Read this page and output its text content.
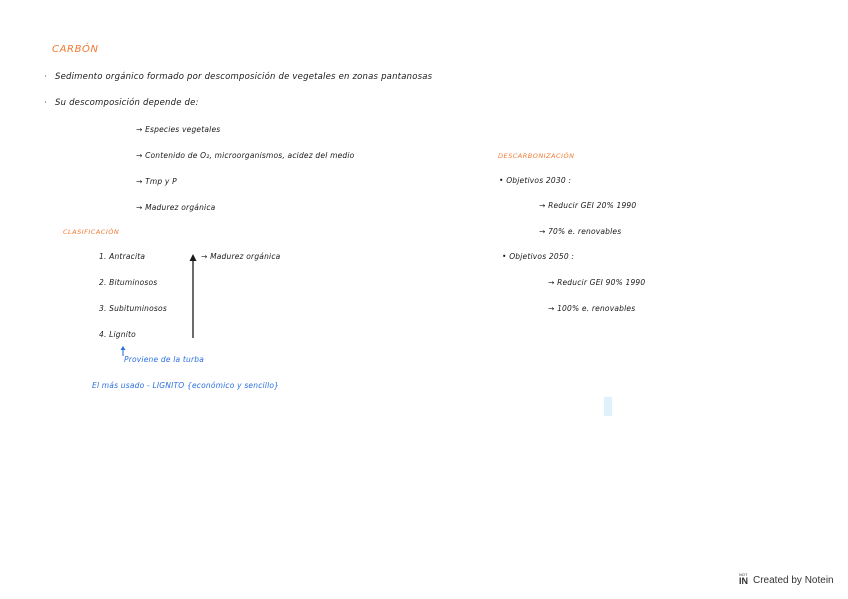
CARBÓN
·   Sedimento orgánico formado por descomposición de vegetales en zonas pantanosas
·   Su descomposición depende de:
→ Especies vegetales
→ Contenido de O₂, microorganismos, acidez del medio
→ Tmp y P
→ Madurez orgánica
CLASIFICACIÓN
1. Antracita
2. Bituminosos
3. Subituminosos
4. Lignito
→ Madurez orgánica
Proviene de la turba
El más usado - LIGNITO {económico y sencillo}
DESCARBONIZACIÓN
• Objetivos 2030 :
→ Reducir GEI 20% 1990
→ 70% e. renovables
• Objetivos 2050 :
→ Reducir GEI 90% 1990
→ 100% e. renovables
NOT
IN Created by Notein
